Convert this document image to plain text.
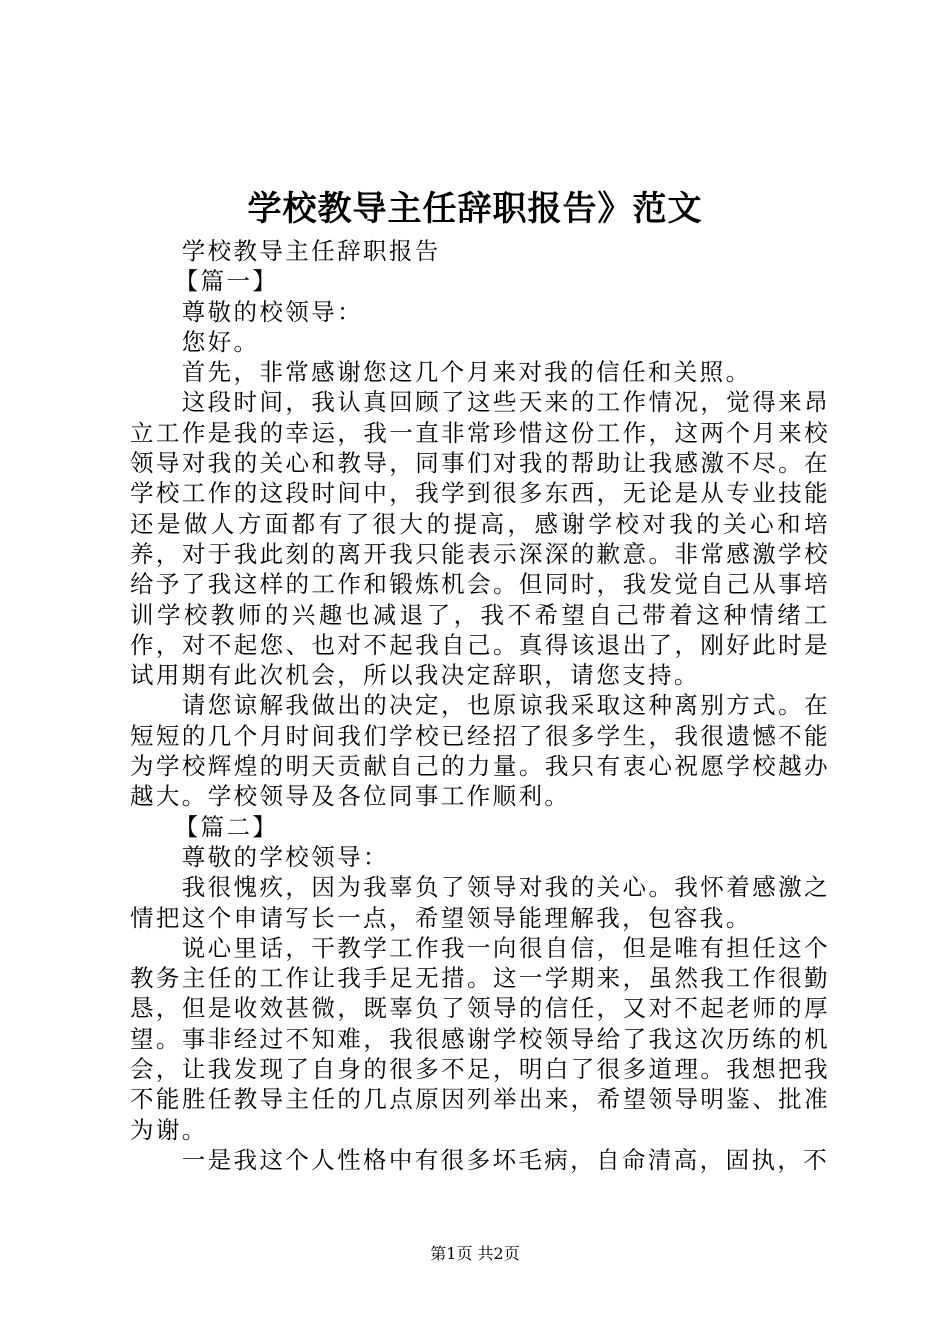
学校教导主任辞职报告》范文

学校教导主任辞职报告

【篇一】

尊敬的校领导：

您好。

首先，非常感谢您这几个月来对我的信任和关照。

这段时间，我认真回顾了这些天来的工作情况，觉得来昂立工作是我的幸运，我一直非常珍惜这份工作，这两个月来校领导对我的关心和教导，同事们对我的帮助让我感激不尽。在学校工作的这段时间中，我学到很多东西，无论是从专业技能还是做人方面都有了很大的提高，感谢学校对我的关心和培养，对于我此刻的离开我只能表示深深的歉意。非常感激学校给予了我这样的工作和锻炼机会。但同时，我发觉自己从事培训学校教师的兴趣也减退了，我不希望自己带着这种情绪工作，对不起您、也对不起我自己。真得该退出了，刚好此时是试用期有此次机会，所以我决定辞职，请您支持。

请您谅解我做出的决定，也原谅我采取这种离别方式。在短短的几个月时间我们学校已经招了很多学生，我很遗憾不能为学校辉煌的明天贡献自己的力量。我只有衷心祝愿学校越办越大。学校领导及各位同事工作顺利。

【篇二】

尊敬的学校领导：

我很愧疚，因为我辜负了领导对我的关心。我怀着感激之情把这个申请写长一点，希望领导能理解我，包容我。

说心里话，干教学工作我一向很自信，但是唯有担任这个教务主任的工作让我手足无措。这一学期来，虽然我工作很勤恳，但是收效甚微，既辜负了领导的信任，又对不起老师的厚望。事非经过不知难，我很感谢学校领导给了我这次历练的机会，让我发现了自身的很多不足，明白了很多道理。我想把我不能胜任教导主任的几点原因列举出来，希望领导明鉴、批准为谢。

一是我这个人性格中有很多坏毛病，自命清高，固执，不

第1页 共2页
